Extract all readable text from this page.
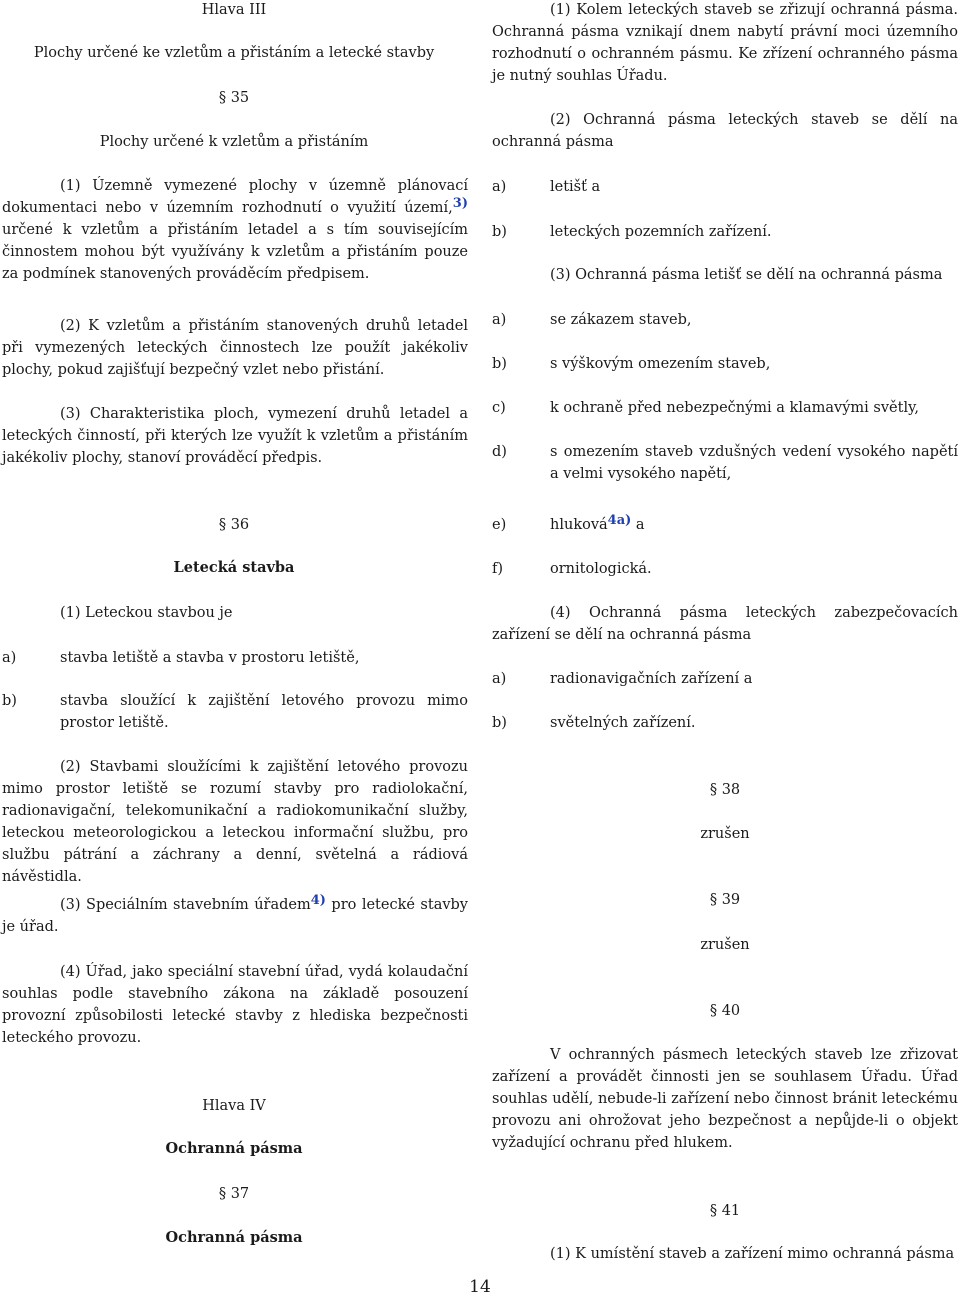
Hlava III
Plochy určené ke vzletům a přistáním a letecké stavby
§ 35
Plochy určené k vzletům a přistáním

(1) Územně vymezené plochy v územně plánovací dokumentaci nebo v územním rozhodnutí o využití území,3) určené k vzletům a přistáním letadel a s tím souvisejícím činnostem mohou být využívány k vzletům a přistáním pouze za podmínek stanovených prováděcím předpisem.

(2) K vzletům a přistáním stanovených druhů letadel při vymezených leteckých činnostech lze použít jakékoliv plochy, pokud zajišťují bezpečný vzlet nebo přistání.

(3) Charakteristika ploch, vymezení druhů letadel a leteckých činností, při kterých lze využít k vzletům a přistáním jakékoliv plochy, stanoví prováděcí předpis.

§ 36
Letecká stavba

(1) Leteckou stavbou je

a)	stavba letiště a stavba v prostoru letiště,
b)	stavba sloužící k zajištění letového provozu mimo prostor letiště.

(2) Stavbami sloužícími k zajištění letového provozu mimo prostor letiště se rozumí stavby pro radiolokační, radionavigační, telekomunikační a radiokomunikační služby, leteckou meteorologickou a leteckou informační službu, pro službu pátrání a záchrany a denní, světelná a rádiová návěstidla.

(3) Speciálním stavebním úřadem4) pro letecké stavby je úřad.

(4) Úřad, jako speciální stavební úřad, vydá kolaudační souhlas podle stavebního zákona na základě posouzení provozní způsobilosti letecké stavby z hlediska bezpečnosti leteckého provozu.

Hlava IV
Ochranná pásma
§ 37
Ochranná pásma

(1) Kolem leteckých staveb se zřizují ochranná pásma. Ochranná pásma vznikají dnem nabytí právní moci územního rozhodnutí o ochranném pásmu. Ke zřízení ochranného pásma je nutný souhlas Úřadu.

(2) Ochranná pásma leteckých staveb se dělí na ochranná pásma

a)	letišť a
b)	leteckých pozemních zařízení.

(3) Ochranná pásma letišť se dělí na ochranná pásma

a)	se zákazem staveb,
b)	s výškovým omezením staveb,
c)	k ochraně před nebezpečnými a klamavými světly,
d)	s omezením staveb vzdušných vedení vysokého napětí a velmi vysokého napětí,
e)	hluková4a) a
f)	ornitologická.

(4) Ochranná pásma leteckých zabezpečovacích zařízení se dělí na ochranná pásma

a)	radionavigačních zařízení a
b)	světelných zařízení.
§ 38
zrušen
§ 39
zrušen
§ 40

V ochranných pásmech leteckých staveb lze zřizovat zařízení a provádět činnosti jen se souhlasem Úřadu. Úřad souhlas udělí, nebude-li zařízení nebo činnost bránit leteckému provozu ani ohrožovat jeho bezpečnost a nepůjde-li o objekt vyžadující ochranu před hlukem.

§ 41

(1) K umístění staveb a zařízení mimo ochranná pásma

14
